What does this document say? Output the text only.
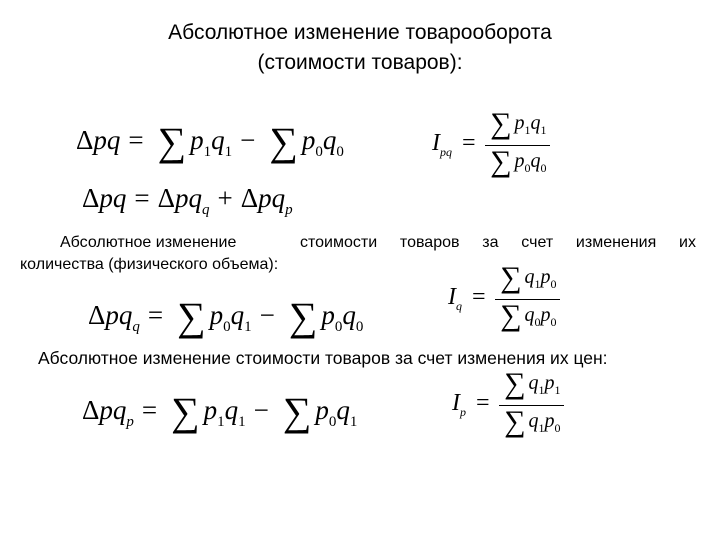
Абсолютное изменение товарооборота
(стоимости товаров):
Δpq = ∑ $p_1q_1$ − ∑ $p_0q_0$	$I_{pq} = \frac{\sum p_1q_1}{\sum p_0q_0}$
Δpq = Δpq$_q$ + Δpq$_p$
Абсолютное изменение	стоимости товаров за счет изменения их
количества (физического объема):
Δpq$_q$ = ∑ $p_0q_1$ − ∑ $p_0q_0$
$I_q = \frac{\sum q_1p_0}{\sum q_0p_0}$
Абсолютное изменение стоимости товаров за счет изменения их цен:
Δpq$_p$ = ∑ $p_1q_1$ − ∑ $p_0q_1$
$I_p = \frac{\sum q_1p_1}{\sum q_1p_0}$
